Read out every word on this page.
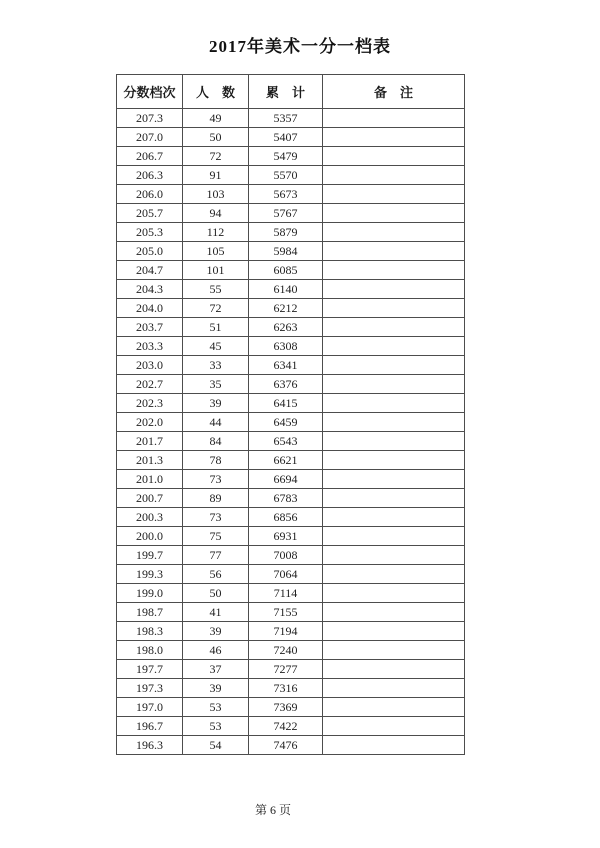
2017年美术一分一档表
分数档次	人　数	累　计	备　注
207.3	49	5357	
207.0	50	5407	
206.7	72	5479	
206.3	91	5570	
206.0	103	5673	
205.7	94	5767	
205.3	112	5879	
205.0	105	5984	
204.7	101	6085	
204.3	55	6140	
204.0	72	6212	
203.7	51	6263	
203.3	45	6308	
203.0	33	6341	
202.7	35	6376	
202.3	39	6415	
202.0	44	6459	
201.7	84	6543	
201.3	78	6621	
201.0	73	6694	
200.7	89	6783	
200.3	73	6856	
200.0	75	6931	
199.7	77	7008	
199.3	56	7064	
199.0	50	7114	
198.7	41	7155	
198.3	39	7194	
198.0	46	7240	
197.7	37	7277	
197.3	39	7316	
197.0	53	7369	
196.7	53	7422	
196.3	54	7476	
第 6 页
